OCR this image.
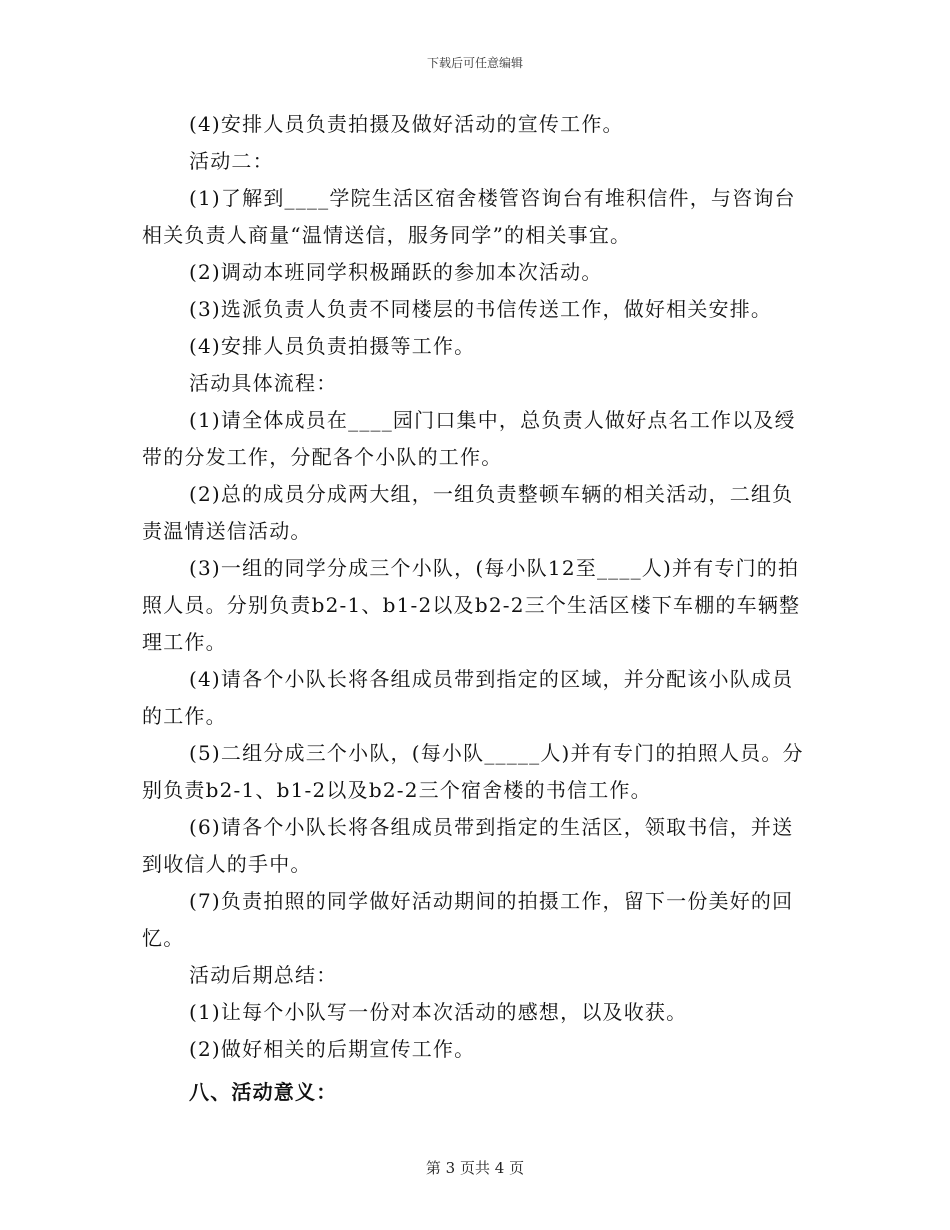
下载后可任意编辑

(4)安排人员负责拍摄及做好活动的宣传工作。

活动二：

(1)了解到____学院生活区宿舍楼管咨询台有堆积信件，与咨询台相关负责人商量“温情送信，服务同学”的相关事宜。

(2)调动本班同学积极踊跃的参加本次活动。

(3)选派负责人负责不同楼层的书信传送工作，做好相关安排。

(4)安排人员负责拍摄等工作。

活动具体流程：

(1)请全体成员在____园门口集中，总负责人做好点名工作以及绶带的分发工作，分配各个小队的工作。

(2)总的成员分成两大组，一组负责整顿车辆的相关活动，二组负责温情送信活动。

(3)一组的同学分成三个小队，(每小队12至____人)并有专门的拍照人员。分别负责b2-1、b1-2以及b2-2三个生活区楼下车棚的车辆整理工作。

(4)请各个小队长将各组成员带到指定的区域，并分配该小队成员的工作。

(5)二组分成三个小队，(每小队_____人)并有专门的拍照人员。分别负责b2-1、b1-2以及b2-2三个宿舍楼的书信工作。

(6)请各个小队长将各组成员带到指定的生活区，领取书信，并送到收信人的手中。

(7)负责拍照的同学做好活动期间的拍摄工作，留下一份美好的回忆。

活动后期总结：

(1)让每个小队写一份对本次活动的感想，以及收获。

(2)做好相关的后期宣传工作。

八、活动意义：

第 3 页共 4 页
